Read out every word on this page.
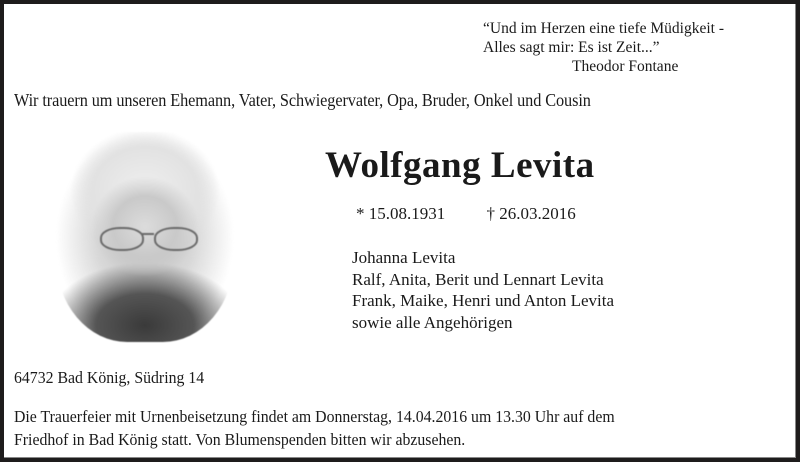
“Und im Herzen eine tiefe Müdigkeit -
Alles sagt mir: Es ist Zeit...”
Theodor Fontane
Wir trauern um unseren Ehemann, Vater, Schwiegervater, Opa, Bruder, Onkel und Cousin
Wolfgang Levita
* 15.08.1931 † 26.03.2016
Johanna Levita
Ralf, Anita, Berit und Lennart Levita
Frank, Maike, Henri und Anton Levita
sowie alle Angehörigen
64732 Bad König, Südring 14
Die Trauerfeier mit Urnenbeisetzung findet am Donnerstag, 14.04.2016 um 13.30 Uhr auf dem
Friedhof in Bad König statt. Von Blumenspenden bitten wir abzusehen.
